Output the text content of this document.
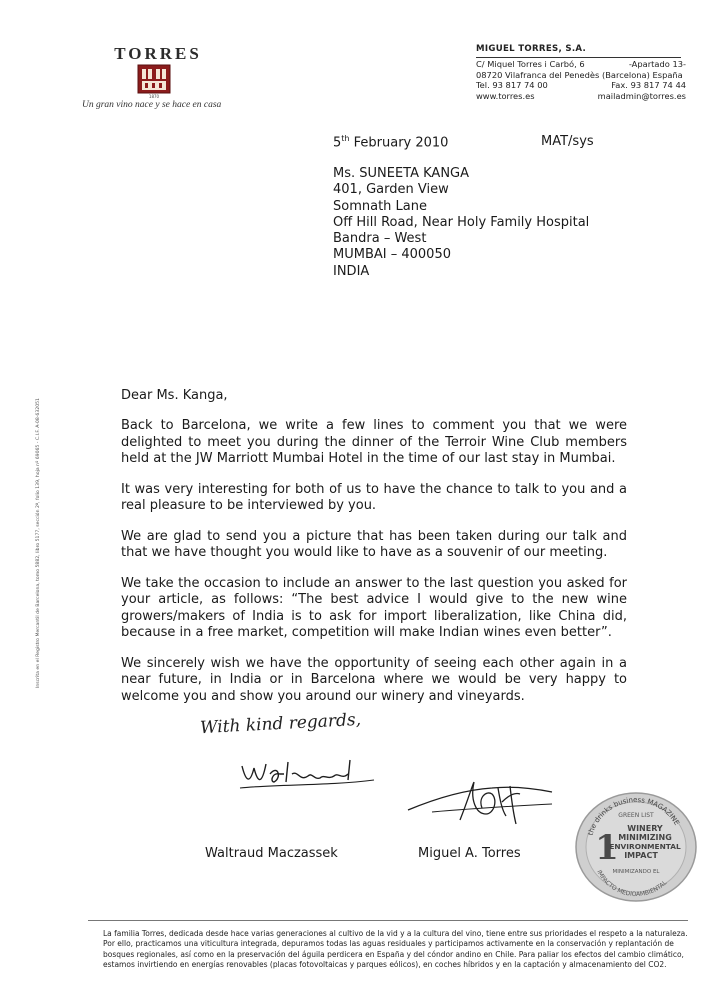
TORRES
1870
Un gran vino nace y se hace en casa
MIGUEL TORRES, S.A.
C/ Miquel Torres i Carbó, 6	-Apartado 13-
08720 Vilafranca del Penedès (Barcelona) España
Tel. 93 817 74 00	Fax. 93 817 74 44
www.torres.es	mailadmin@torres.es
5th February 2010	MAT/sys
Ms. SUNEETA KANGA
401, Garden View
Somnath Lane
Off Hill Road, Near Holy Family Hospital
Bandra – West
MUMBAI – 400050
INDIA
Inscrita en el Registro Mercantil de Barcelona, tomo 5882, libro 5177, sección 2ª, folio 139, hoja nº 69065 - C.I.F. A-08-632051
Dear Ms. Kanga,

Back to Barcelona, we write a few lines to comment you that we were delighted to meet you during the dinner of the Terroir Wine Club members held at the JW Marriott Mumbai Hotel in the time of our last stay in Mumbai.

It was very interesting for both of us to have the chance to talk to you and a real pleasure to be interviewed by you.

We are glad to send you a picture that has been taken during our talk and that we have thought you would like to have as a souvenir of our meeting.

We take the occasion to include an answer to the last question you asked for your article, as follows: “The best advice I would give to the new wine growers/makers of India is to ask for import liberalization, like China did, because in a free market, competition will make Indian wines even better”.

We sincerely wish we have the opportunity of seeing each other again in a near future, in India or in Barcelona where we would be very happy to welcome you and show you around our winery and vineyards.

With kind regards,
Waltraud Maczassek	Miguel A. Torres
the drinks business MAGAZINE
GREEN LIST
1 WINERY
MINIMIZING
ENVIRONMENTAL
IMPACT
MINIMIZANDO EL
IMPACTO MEDIOAMBIENTAL

La familia Torres, dedicada desde hace varias generaciones al cultivo de la vid y a la cultura del vino, tiene entre sus prioridades el respeto a la naturaleza.

Por ello, practicamos una viticultura integrada, depuramos todas las aguas residuales y participamos activamente en la conservación y replantación de

bosques regionales, así como en la preservación del águila perdicera en España y del cóndor andino en Chile. Para paliar los efectos del cambio climático,

estamos invirtiendo en energías renovables (placas fotovoltaicas y parques eólicos), en coches híbridos y en la captación y almacenamiento del CO2.
